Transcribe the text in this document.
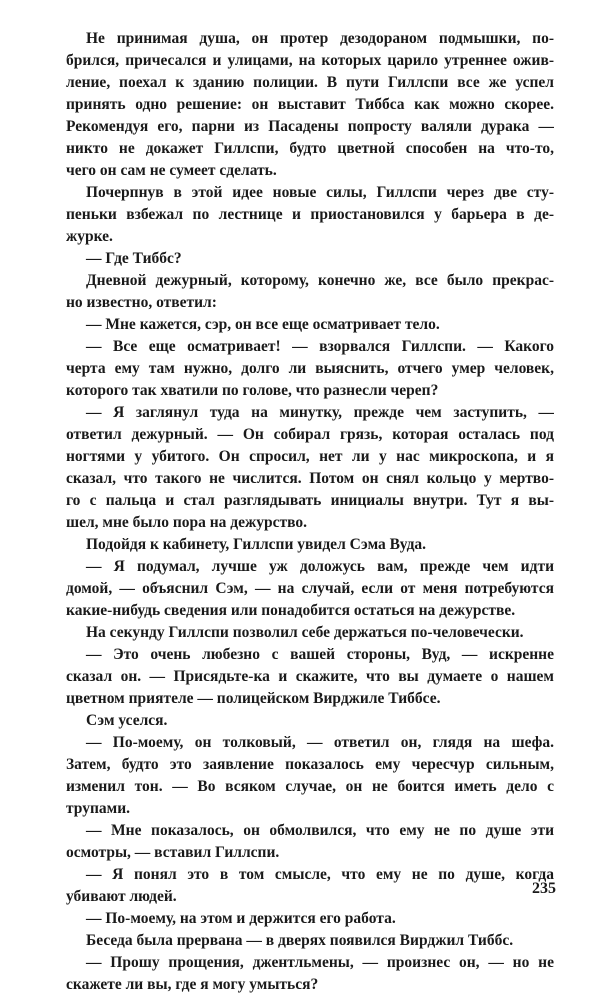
Не принимая душа, он протер дезодораном подмышки, по-
брился, причесался и улицами, на которых царило утреннее ожив-
ление, поехал к зданию полиции. В пути Гиллспи все же успел
принять одно решение: он выставит Тиббса как можно скорее.
Рекомендуя его, парни из Пасадены попросту валяли дурака —
никто не докажет Гиллспи, будто цветной способен на что-то,
чего он сам не сумеет сделать.
Почерпнув в этой идее новые силы, Гиллспи через две сту-
пеньки взбежал по лестнице и приостановился у барьера в де-
журке.
— Где Тиббс?
Дневной дежурный, которому, конечно же, все было прекрас-
но известно, ответил:
— Мне кажется, сэр, он все еще осматривает тело.
— Все еще осматривает! — взорвался Гиллспи. — Какого
черта ему там нужно, долго ли выяснить, отчего умер человек,
которого так хватили по голове, что разнесли череп?
— Я заглянул туда на минутку, прежде чем заступить, —
ответил дежурный. — Он собирал грязь, которая осталась под
ногтями у убитого. Он спросил, нет ли у нас микроскопа, и я
сказал, что такого не числится. Потом он снял кольцо у мертво-
го с пальца и стал разглядывать инициалы внутри. Тут я вы-
шел, мне было пора на дежурство.
Подойдя к кабинету, Гиллспи увидел Сэма Вуда.
— Я подумал, лучше уж доложусь вам, прежде чем идти
домой, — объяснил Сэм, — на случай, если от меня потребуются
какие-нибудь сведения или понадобится остаться на дежурстве.
На секунду Гиллспи позволил себе держаться по-человечески.
— Это очень любезно с вашей стороны, Вуд, — искренне
сказал он. — Присядьте-ка и скажите, что вы думаете о нашем
цветном приятеле — полицейском Вирджиле Тиббсе.
Сэм уселся.
— По-моему, он толковый, — ответил он, глядя на шефа.
Затем, будто это заявление показалось ему чересчур сильным,
изменил тон. — Во всяком случае, он не боится иметь дело с
трупами.
— Мне показалось, он обмолвился, что ему не по душе эти
осмотры, — вставил Гиллспи.
— Я понял это в том смысле, что ему не по душе, когда
убивают людей.
— По-моему, на этом и держится его работа.
Беседа была прервана — в дверях появился Вирджил Тиббс.
— Прошу прощения, джентльмены, — произнес он, — но не
скажете ли вы, где я могу умыться?
235
